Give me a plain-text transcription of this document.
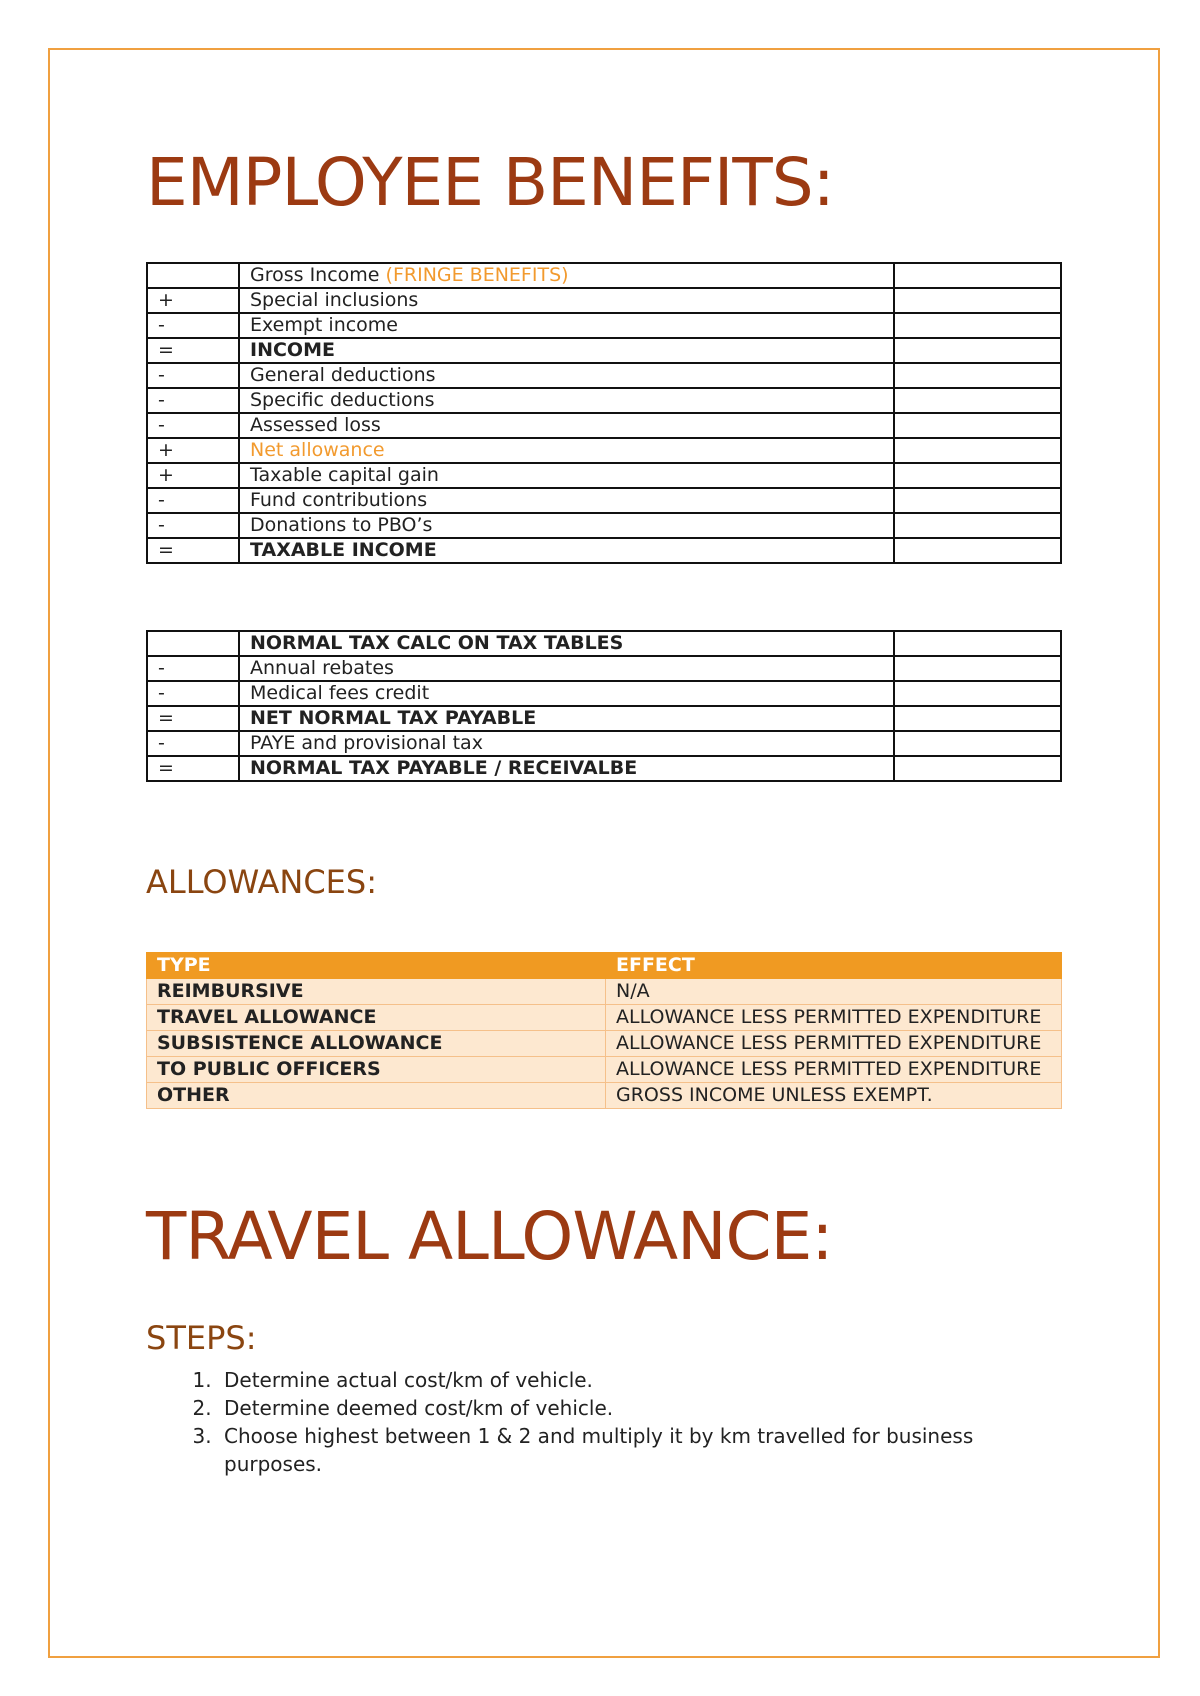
EMPLOYEE BENEFITS:
	Gross Income (FRINGE BENEFITS)	
+	Special inclusions	
-	Exempt income	
=	INCOME	
-	General deductions	
-	Specific deductions	
-	Assessed loss	
+	Net allowance	
+	Taxable capital gain	
-	Fund contributions	
-	Donations to PBO’s	
=	TAXABLE INCOME	
	NORMAL TAX CALC ON TAX TABLES	
-	Annual rebates	
-	Medical fees credit	
=	NET NORMAL TAX PAYABLE	
-	PAYE and provisional tax	
=	NORMAL TAX PAYABLE / RECEIVALBE	
ALLOWANCES:
TYPE	EFFECT
REIMBURSIVE	N/A
TRAVEL ALLOWANCE	ALLOWANCE LESS PERMITTED EXPENDITURE
SUBSISTENCE ALLOWANCE	ALLOWANCE LESS PERMITTED EXPENDITURE
TO PUBLIC OFFICERS	ALLOWANCE LESS PERMITTED EXPENDITURE
OTHER	GROSS INCOME UNLESS EXEMPT.
TRAVEL ALLOWANCE:
STEPS:
1. Determine actual cost/km of vehicle.
2. Determine deemed cost/km of vehicle.
3. Choose highest between 1 & 2 and multiply it by km travelled for business purposes.
